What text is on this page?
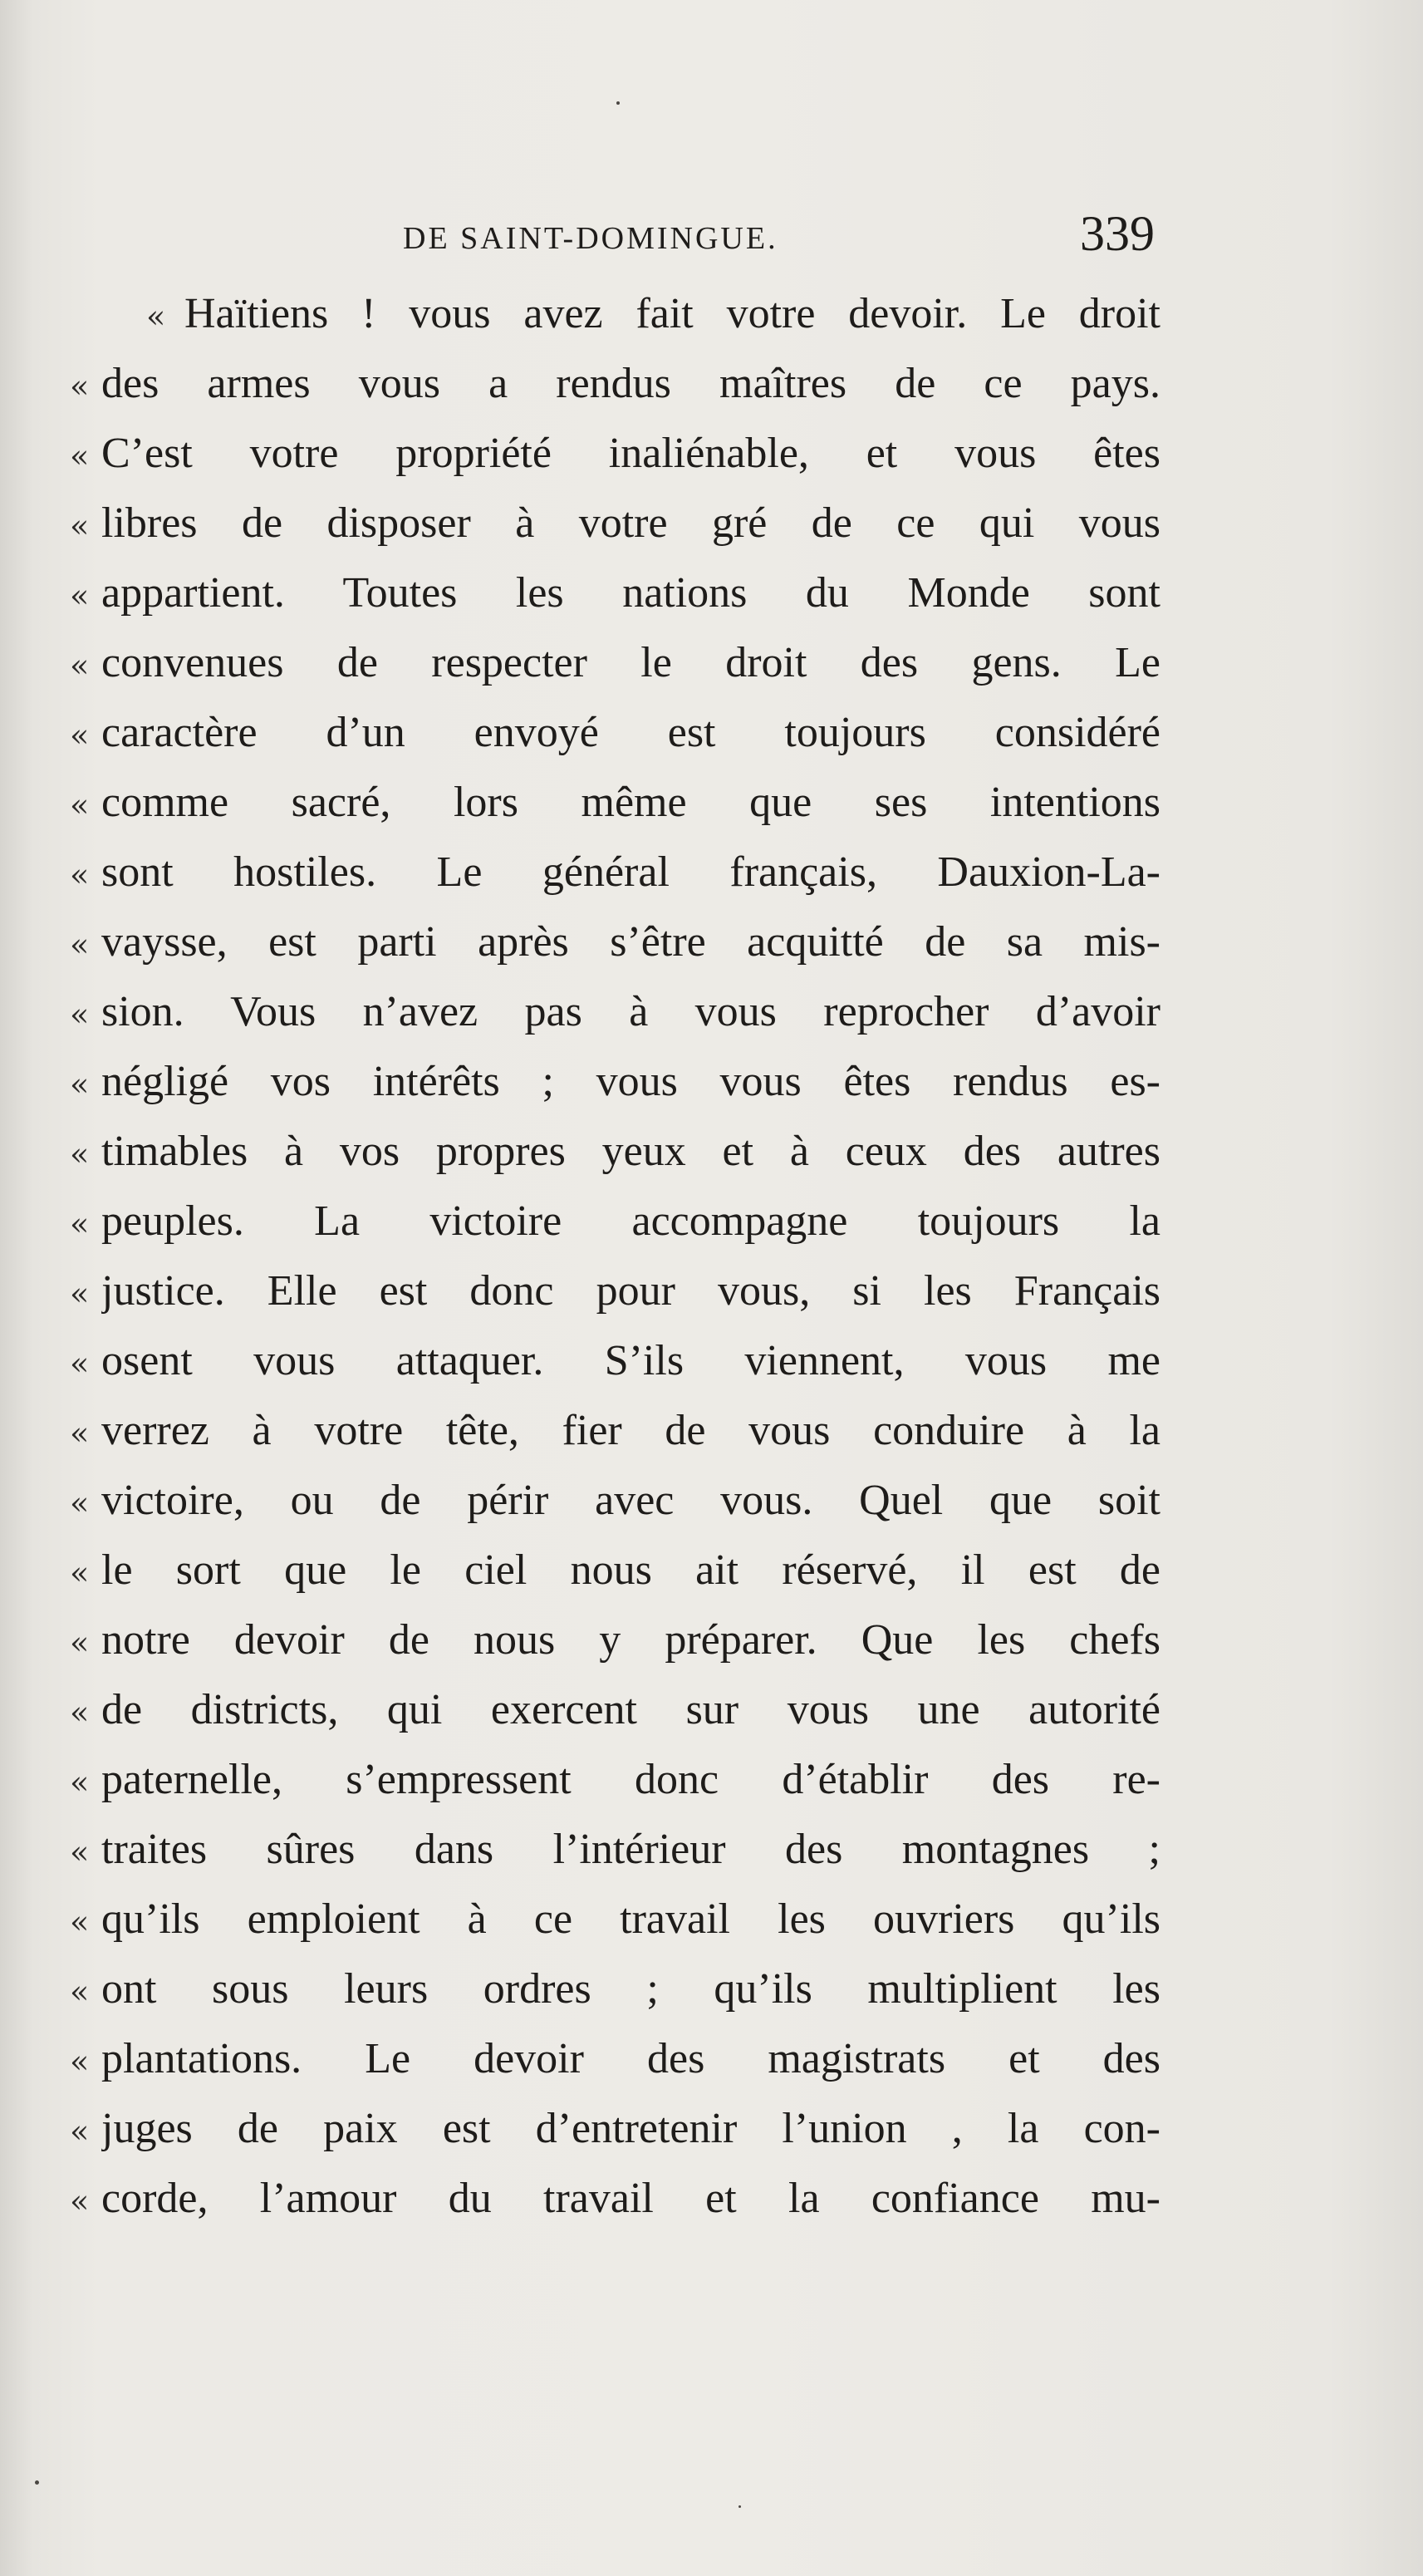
DE SAINT-DOMINGUE.	339
« Haïtiens ! vous avez fait votre devoir. Le droit
« des armes vous a rendus maîtres de ce pays.
« C’est votre propriété inaliénable, et vous êtes
« libres de disposer à votre gré de ce qui vous
« appartient. Toutes les nations du Monde sont
« convenues de respecter le droit des gens. Le
« caractère d’un envoyé est toujours considéré
« comme sacré, lors même que ses intentions
« sont hostiles. Le général français, Dauxion-La-
« vaysse, est parti après s’être acquitté de sa mis-
« sion. Vous n’avez pas à vous reprocher d’avoir
« négligé vos intérêts ; vous vous êtes rendus es-
« timables à vos propres yeux et à ceux des autres
« peuples. La victoire accompagne toujours la
« justice. Elle est donc pour vous, si les Français
« osent vous attaquer. S’ils viennent, vous me
« verrez à votre tête, fier de vous conduire à la
« victoire, ou de périr avec vous. Quel que soit
« le sort que le ciel nous ait réservé, il est de
« notre devoir de nous y préparer. Que les chefs
« de districts, qui exercent sur vous une autorité
« paternelle, s’empressent donc d’établir des re-
« traites sûres dans l’intérieur des montagnes ;
« qu’ils emploient à ce travail les ouvriers qu’ils
« ont sous leurs ordres ; qu’ils multiplient les
« plantations. Le devoir des magistrats et des
« juges de paix est d’entretenir l’union , la con-
« corde, l’amour du travail et la confiance mu-
